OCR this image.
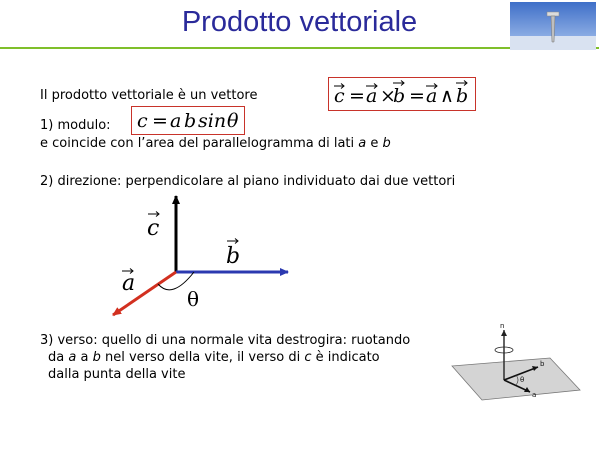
Prodotto vettoriale
Il prodotto vettoriale è un vettore	c = a ×
b = a ∧ b
1) modulo: c = a b sin θ
e coincide con l’area del parallelogramma di lati a e b
2) direzione: perpendicolare al piano individuato dai due vettori
c
b
a
θ
3) verso: quello di una normale vita destrogira: ruotando
da a a b nel verso della vite, il verso di c è indicato
dalla punta della vite
n
b
a
θ
